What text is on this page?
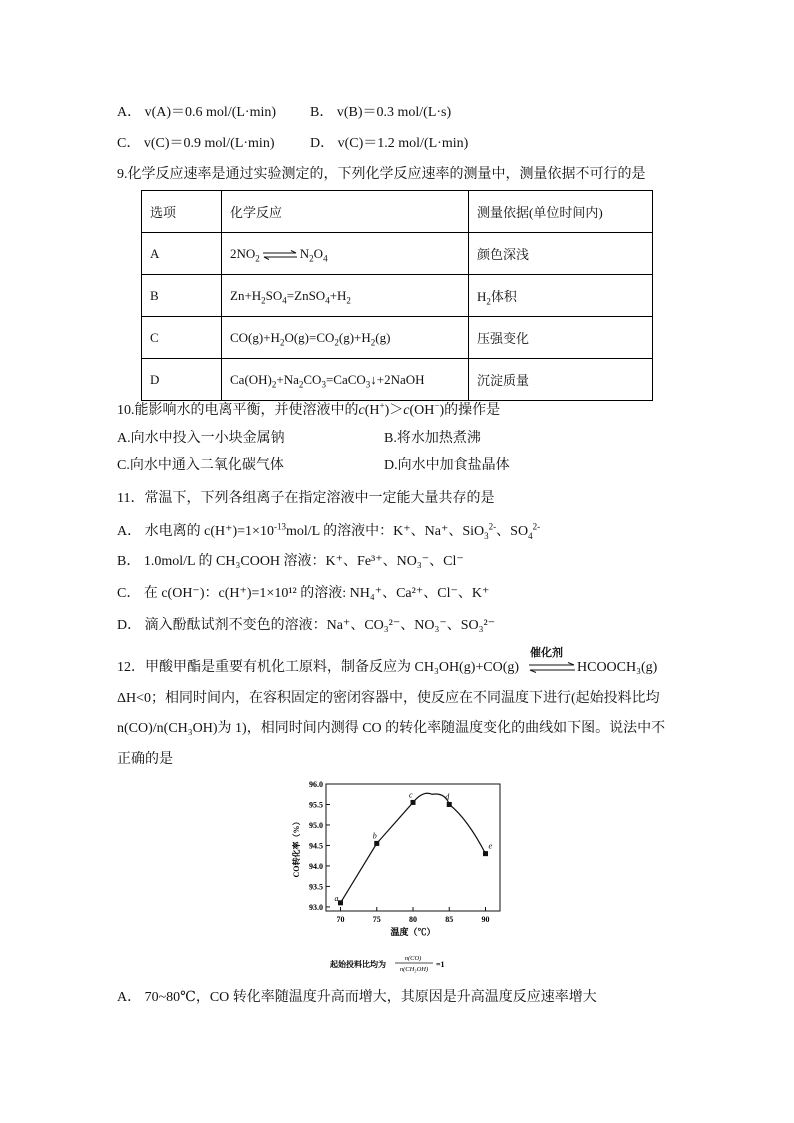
A． v(A)＝0.6 mol/(L·min) B． v(B)＝0.3 mol/(L·s)
C． v(C)＝0.9 mol/(L·min)	D． v(C)＝1.2 mol/(L·min)
9.化学反应速率是通过实验测定的，下列化学反应速率的测量中，测量依据不可行的是
选项	化学反应	测量依据(单位时间内)
A	$2NO_2$ ⇌ $N_2O_4$	颜色深浅
B	$Zn+H_2SO_4=ZnSO_4+H_2$	$H_2$体积
C	$CO(g)+H_2O(g)=CO_2(g)+H_2(g)$	压强变化
D	$Ca(OH)_2+Na_2CO_3=CaCO_3↓+2NaOH$	沉淀质量
10.能影响水的电离平衡，并使溶液中的c(H+)＞c(OH−)的操作是
A.向水中投入一小块金属钠	B.将水加热煮沸
C.向水中通入二氧化碳气体	D.向水中加食盐晶体
11．常温下，下列各组离子在指定溶液中一定能大量共存的是
A． 水电离的 $c(H^+)=1\times 10^{-13}mol/L$ 的溶液中：K⁺、Na⁺、SiO$_3^{2-}$、$SO_4^{2-}$
B． 1.0mol/L 的 CH₃COOH 溶液：K⁺、Fe³⁺、NO₃⁻、Cl⁻
C． 在 c(OH⁻)：c(H⁺)=1×10¹² 的溶液: NH₄⁺、Ca²⁺、Cl⁻、K⁺
D． 滴入酚酞试剂不变色的溶液：Na⁺、CO₃²⁻、NO₃⁻、SO₃²⁻
12．甲酸甲酯是重要有机化工原料，制备反应为 CH₃OH(g)+CO(g)
催化剂
HCOOCH₃(g)
ΔH<0；相同时间内，在容积固定的密闭容器中，使反应在不同温度下进行(起始投料比均
n(CO)/n(CH₃OH)为 1)，相同时间内测得 CO 的转化率随温度变化的曲线如下图。说法中不
正确的是
93.0
93.5
94.0
94.5
95.0
95.5
96.0
70	75	80	85	90
a
b
c	d
e
温度（℃）
CO转化率（%）
起始投料比均为
n(CO)
n(CH₃OH)
=1
A． 70~80℃，CO 转化率随温度升高而增大，其原因是升高温度反应速率增大
